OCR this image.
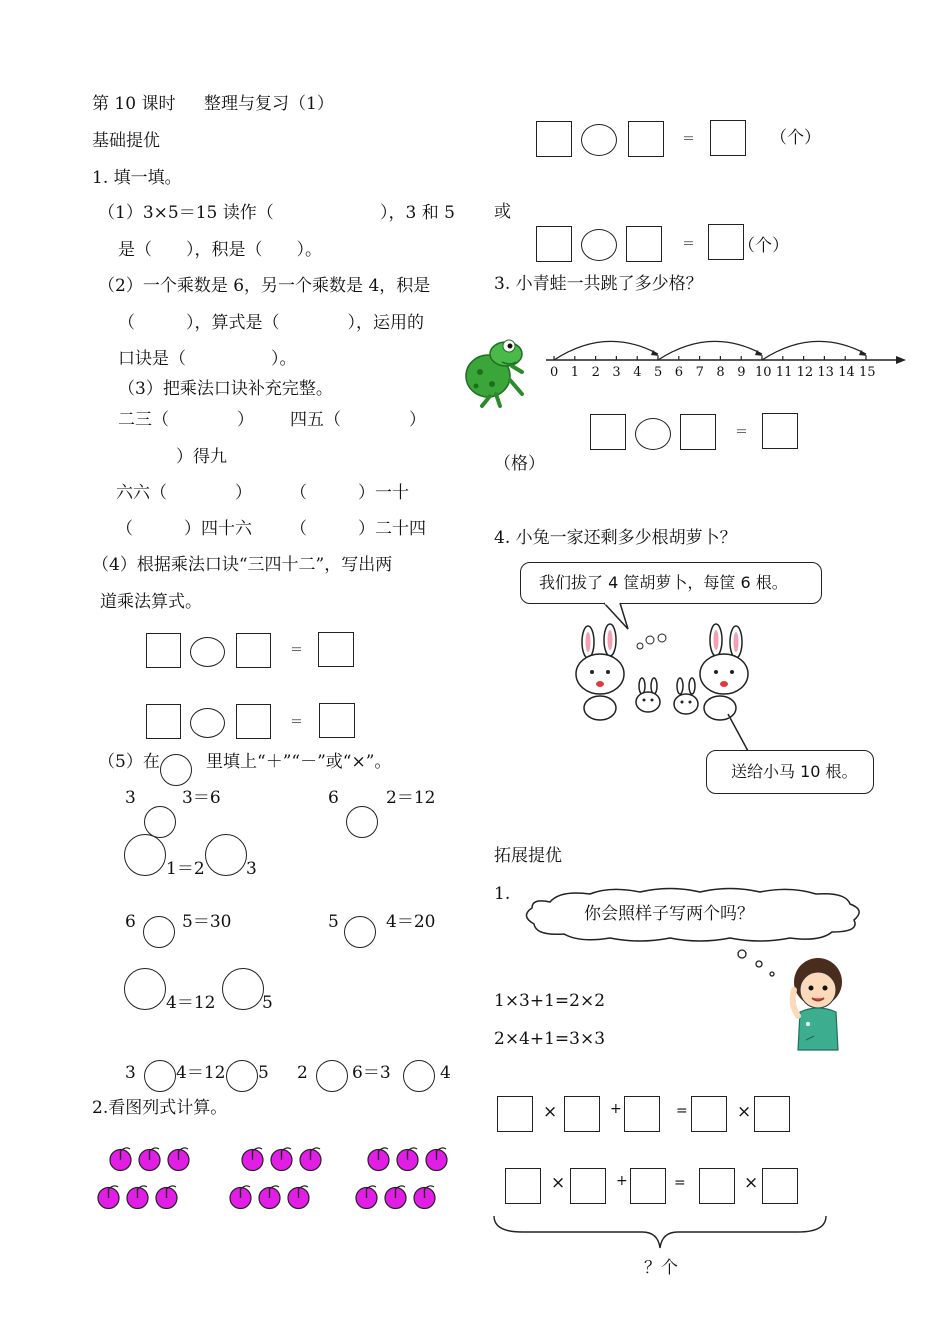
第 10 课时 整理与复习（1）
基础提优
1. 填一填。
（1）3×5＝15 读作（	），3 和 5
是（　　），积是（　　）。
（2）一个乘数是 6，另一个乘数是 4，积是
（　　　），算式是（　　　　），运用的
口诀是（　　　　　）。
（3）把乘法口诀补充完整。
二三（　　　　） 四五（　　　　）
）得九
六六（　　　　） （　　　）一十
（　　　）四十六 （　　　）二十四
（4）根据乘法口诀“三四十二”，写出两
道乘法算式。
＝
＝
（5）在	里填上“＋”“－”或“×”。
3	3＝6	6	2＝12
1＝2 3
6	5＝30	5	4＝20
4＝12	5
3 4＝12 5 2	6＝3	4
2.看图列式计算。
＝	（个）
或
＝	（个）
3. 小青蛙一共跳了多少格？
0 1 2 3 4 5 6 7 8 9 10 11 12 13 14 15
＝
（格）
4. 小兔一家还剩多少根胡萝卜？
我们拔了 4 筐胡萝卜，每筐 6 根。
送给小马 10 根。
拓展提优
1.
你会照样子写两个吗？
1×3+1=2×2
2×4+1=3×3
×	+	=	×
×	+	=	×
？个
